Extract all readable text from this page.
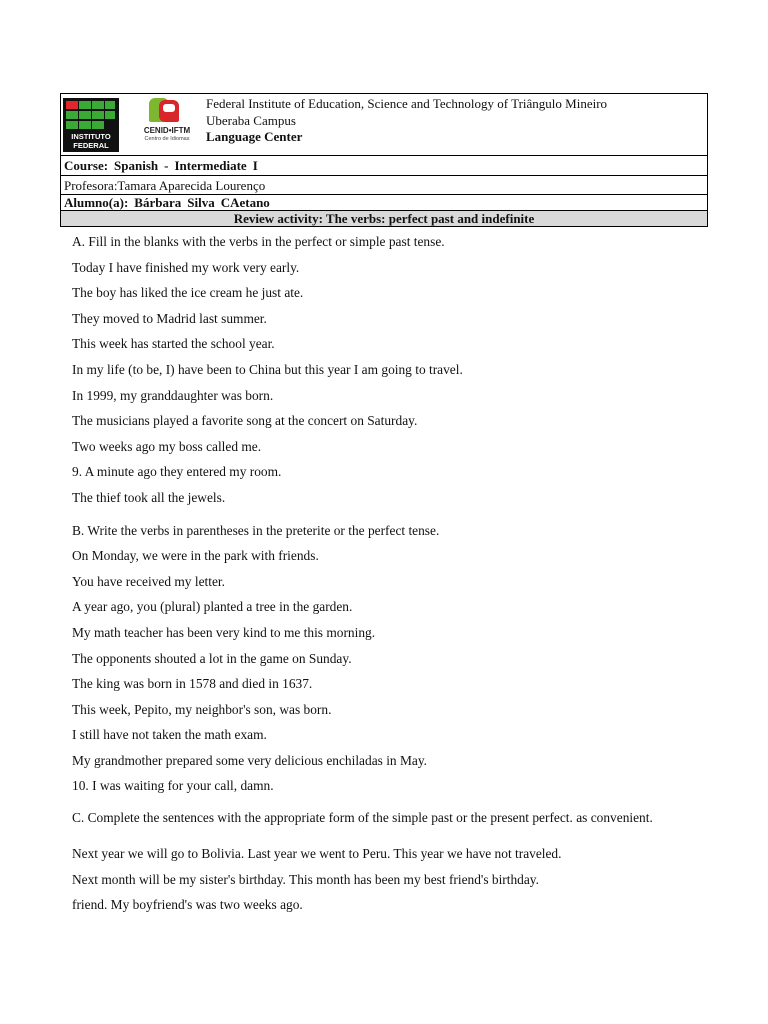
INSTITUTO
FEDERAL
CENID•IFTM
Centro de Idiomas
Federal Institute of Education, Science and Technology of Triângulo Mineiro
Uberaba Campus
Language Center
Course: Spanish - Intermediate I
Profesora:Tamara Aparecida Lourenço
Alumno(a): Bárbara Silva CAetano
Review activity: The verbs: perfect past and indefinite
A. Fill in the blanks with the verbs in the perfect or simple past tense.
Today I have finished my work very early.
The boy has liked the ice cream he just ate.
They moved to Madrid last summer.
This week has started the school year.
In my life (to be, I) have been to China but this year I am going to travel.
In 1999, my granddaughter was born.
The musicians played a favorite song at the concert on Saturday.
Two weeks ago my boss called me.
9. A minute ago they entered my room.
The thief took all the jewels.
B. Write the verbs in parentheses in the preterite or the perfect tense.
On Monday, we were in the park with friends.
You have received my letter.
A year ago, you (plural) planted a tree in the garden.
My math teacher has been very kind to me this morning.
The opponents shouted a lot in the game on Sunday.
The king was born in 1578 and died in 1637.
This week, Pepito, my neighbor's son, was born.
I still have not taken the math exam.
My grandmother prepared some very delicious enchiladas in May.
10. I was waiting for your call, damn.
C. Complete the sentences with the appropriate form of the simple past or the present perfect. as convenient.
Next year we will go to Bolivia. Last year we went to Peru. This year we have not traveled.
Next month will be my sister's birthday. This month has been my best friend's birthday.
friend. My boyfriend's was two weeks ago.
